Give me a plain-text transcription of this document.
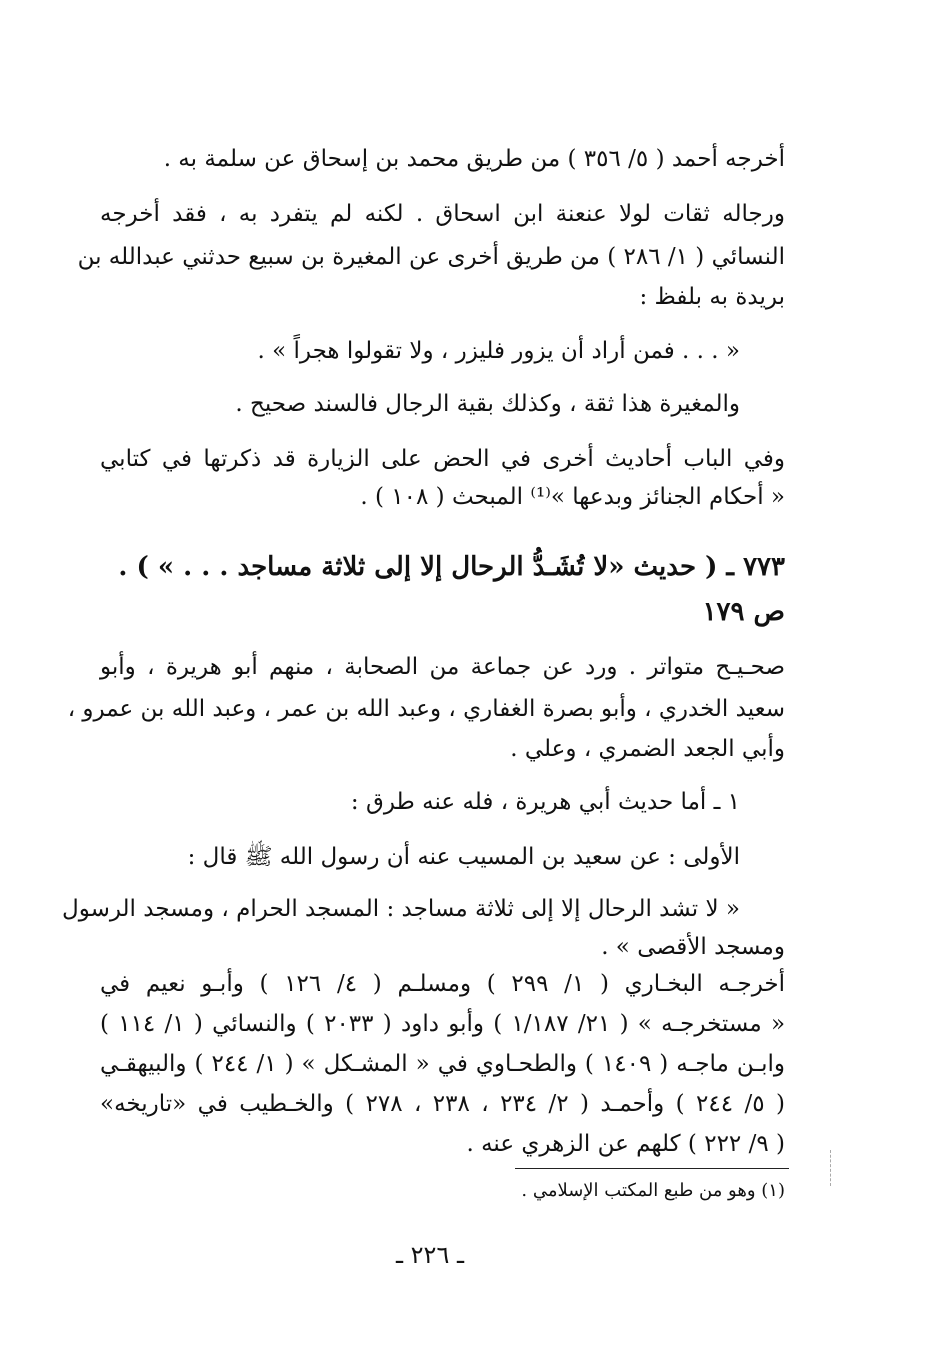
أخرجه أحمد ( ٥/ ٣٥٦ ) من طريق محمد بن إسحاق عن سلمة به .
ورجاله ثقات لولا عنعنة ابن اسحاق . لكنه لم يتفرد به ، فقد أخرجه
النسائي ( ١/ ٢٨٦ ) من طريق أخرى عن المغيرة بن سبيع حدثني عبدالله بن
بريدة به بلفظ :
« . . . فمن أراد أن يزور فليزر ، ولا تقولوا هجراً » .
والمغيرة هذا ثقة ، وكذلك بقية الرجال فالسند صحيح .
وفي الباب أحاديث أخرى في الحض على الزيارة قد ذكرتها في كتابي
« أحكام الجنائز وبدعها »⁽¹⁾ المبحث ( ١٠٨ ) .
٧٧٣ ـ ( حديث «لا تُشَـدُّ الرحال إلا إلى ثلاثة مساجد . . . » ) .
ص ١٧٩
صحـيـح متواتر . ورد عن جماعة من الصحابة ، منهم أبو هريرة ، وأبو
سعيد الخدري ، وأبو بصرة الغفاري ، وعبد الله بن عمر ، وعبد الله بن عمرو ،
وأبي الجعد الضمري ، وعلي .
١ ـ أما حديث أبي هريرة ، فله عنه طرق :
الأولى : عن سعيد بن المسيب عنه أن رسول الله ﷺ قال :
« لا تشد الرحال إلا إلى ثلاثة مساجد : المسجد الحرام ، ومسجد الرسول
ومسجد الأقصى » .
أخرجـه البخـاري ( ١/ ٢٩٩ ) ومسلـم ( ٤/ ١٢٦ ) وأبـو نعيم في
« مستخرجـه » ( ٢١/ ١/١٨٧ ) وأبو داود ( ٢٠٣٣ ) والنسائي ( ١/ ١١٤ )
وابـن ماجـه ( ١٤٠٩ ) والطحـاوي في « المشـكل » ( ١/ ٢٤٤ ) والبيهقـي
( ٥/ ٢٤٤ ) وأحمـد ( ٢/ ٢٣٤ ، ٢٣٨ ، ٢٧٨ ) والخـطيب في «تاريخه»
( ٩/ ٢٢٢ ) كلهم عن الزهري عنه .
(١) وهو من طبع المكتب الإسلامي .
ـ ٢٢٦ ـ
